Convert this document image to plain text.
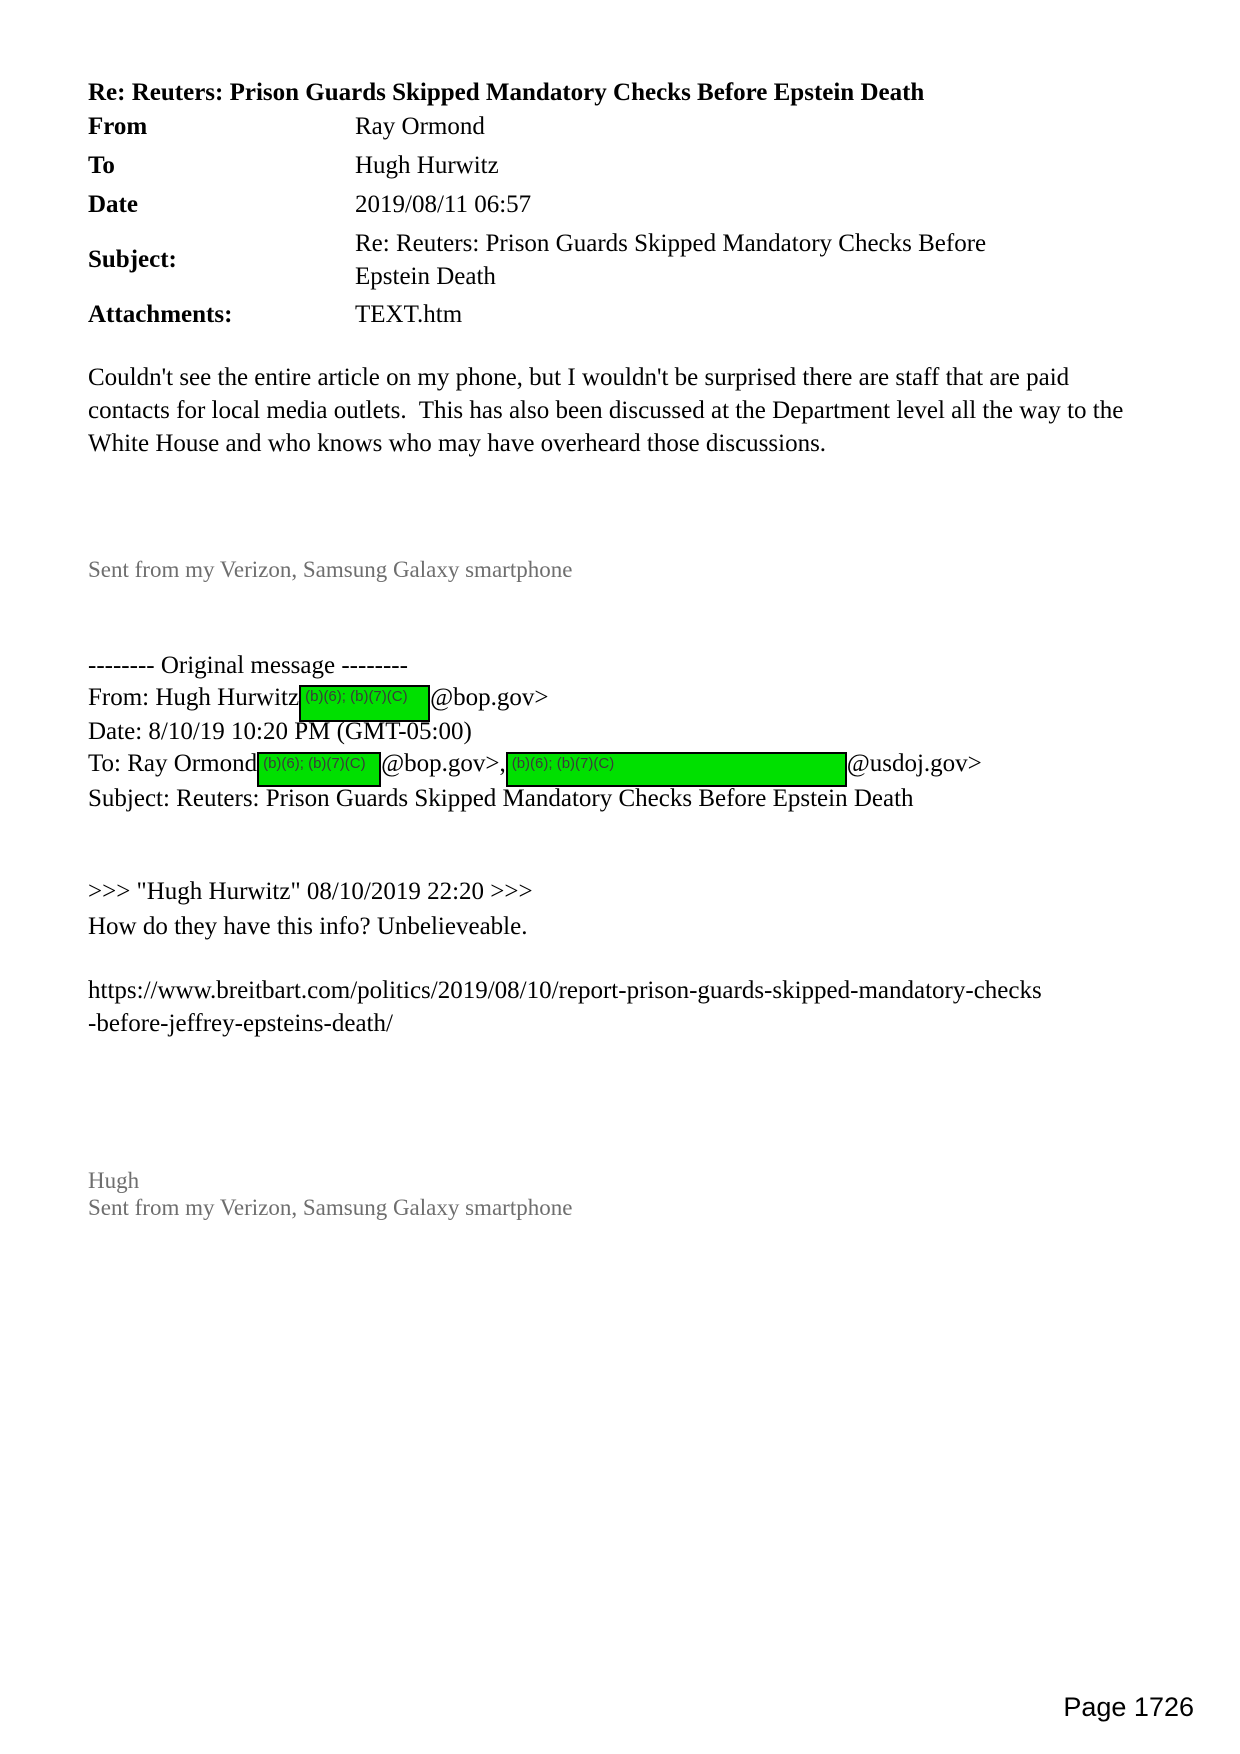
Re: Reuters: Prison Guards Skipped Mandatory Checks Before Epstein Death
From	Ray Ormond
To	Hugh Hurwitz
Date	2019/08/11 06:57
Subject:
Re: Reuters: Prison Guards Skipped Mandatory Checks Before Epstein Death
Attachments:	TEXT.htm
Couldn't see the entire article on my phone, but I wouldn't be surprised there are staff that are paid contacts for local media outlets.  This has also been discussed at the Department level all the way to the White House and who knows who may have overheard those discussions.
Sent from my Verizon, Samsung Galaxy smartphone
-------- Original message --------
From: Hugh Hurwitz (b)(6); (b)(7)(C) @bop.gov>
Date: 8/10/19 10:20 PM (GMT-05:00)
To: Ray Ormond (b)(6); (b)(7)(C) @bop.gov>, (b)(6); (b)(7)(C)	@usdoj.gov>
Subject: Reuters: Prison Guards Skipped Mandatory Checks Before Epstein Death
>>> "Hugh Hurwitz" 08/10/2019 22:20 >>>
How do they have this info? Unbelieveable.
https://www.breitbart.com/politics/2019/08/10/report-prison-guards-skipped-mandatory-checks-before-jeffrey-epsteins-death/
Hugh
Sent from my Verizon, Samsung Galaxy smartphone
Page 1726
